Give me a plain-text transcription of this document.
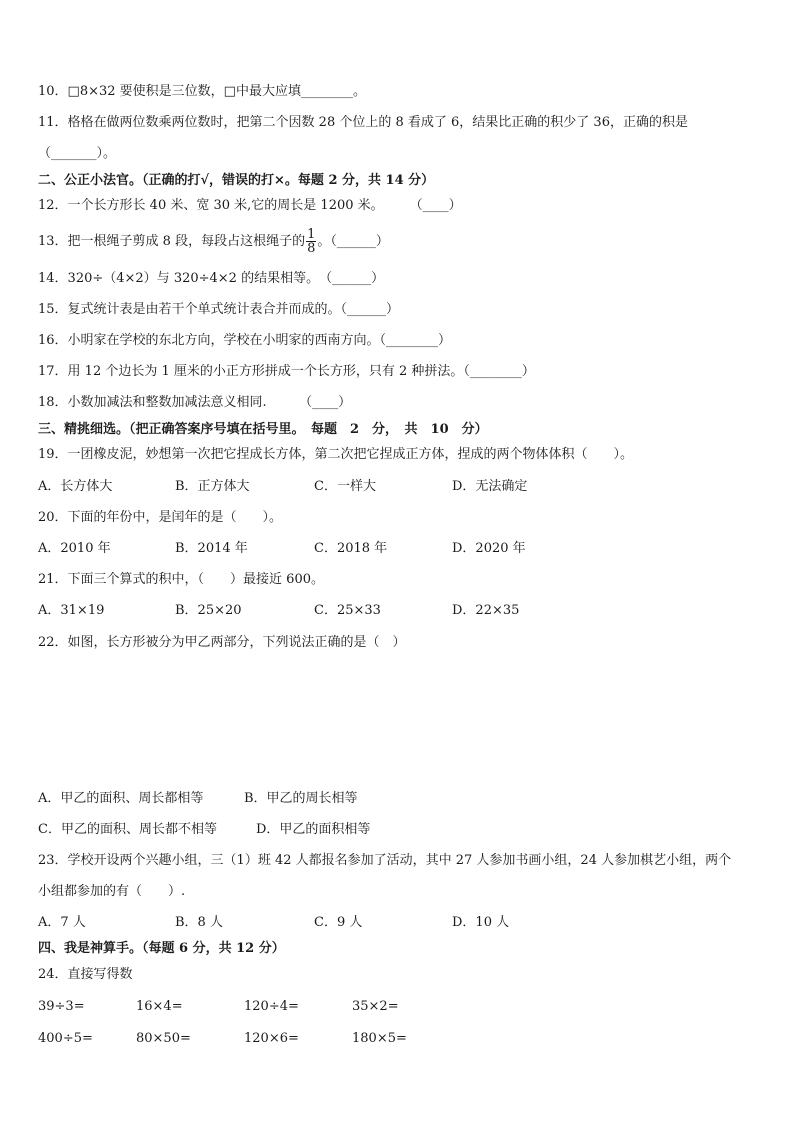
10．□8×32 要使积是三位数，□中最大应填________。
11．格格在做两位数乘两位数时，把第二个因数 28 个位上的 8 看成了 6，结果比正确的积少了 36，正确的积是
（_______）。
二、公正小法官。（正确的打√，错误的打×。每题 2 分，共 14 分）
12．一个长方形长 40 米、宽 30 米,它的周长是 1200 米。　　　（____）
13．把一根绳子剪成 8 段，每段占这根绳子的 $\frac{1}{8}$ 。（______）
14．320÷（4×2）与 320÷4×2 的结果相等。　（______）
15．复式统计表是由若干个单式统计表合并而成的。（______）
16．小明家在学校的东北方向，学校在小明家的西南方向。（________）
17．用 12 个边长为 1 厘米的小正方形拼成一个长方形，只有 2 种拼法。（________）
18．小数加减法和整数加减法意义相同.　　　（____）
三、精挑细选。（把正确答案序号填在括号里。　每题　2　分，　共　10　分）
19．一团橡皮泥，妙想第一次把它捏成长方体，第二次把它捏成正方体，捏成的两个物体体积（　　）。
A．长方体大	B．正方体大	C．一样大	D．无法确定
20．下面的年份中，是闰年的是（　　）。
A．2010 年	B．2014 年	C．2018 年	D．2020 年
21．下面三个算式的积中，（　　）最接近 600。
A．31×19	B．25×20	C．25×33	D．22×35
22．如图，长方形被分为甲乙两部分，下列说法正确的是（　）
A．甲乙的面积、周长都相等	B．甲乙的周长相等
C．甲乙的面积、周长都不相等	D．甲乙的面积相等
23．学校开设两个兴趣小组，三（1）班 42 人都报名参加了活动，其中 27 人参加书画小组，24 人参加棋艺小组，两个
小组都参加的有（　　）.
A．7 人	B．8 人	C．9 人	D．10 人
四、我是神算手。（每题 6 分，共 12 分）
24．直接写得数
39÷3=	16×4=	120÷4=	35×2=
400÷5=	80×50=	120×6=	180×5=
